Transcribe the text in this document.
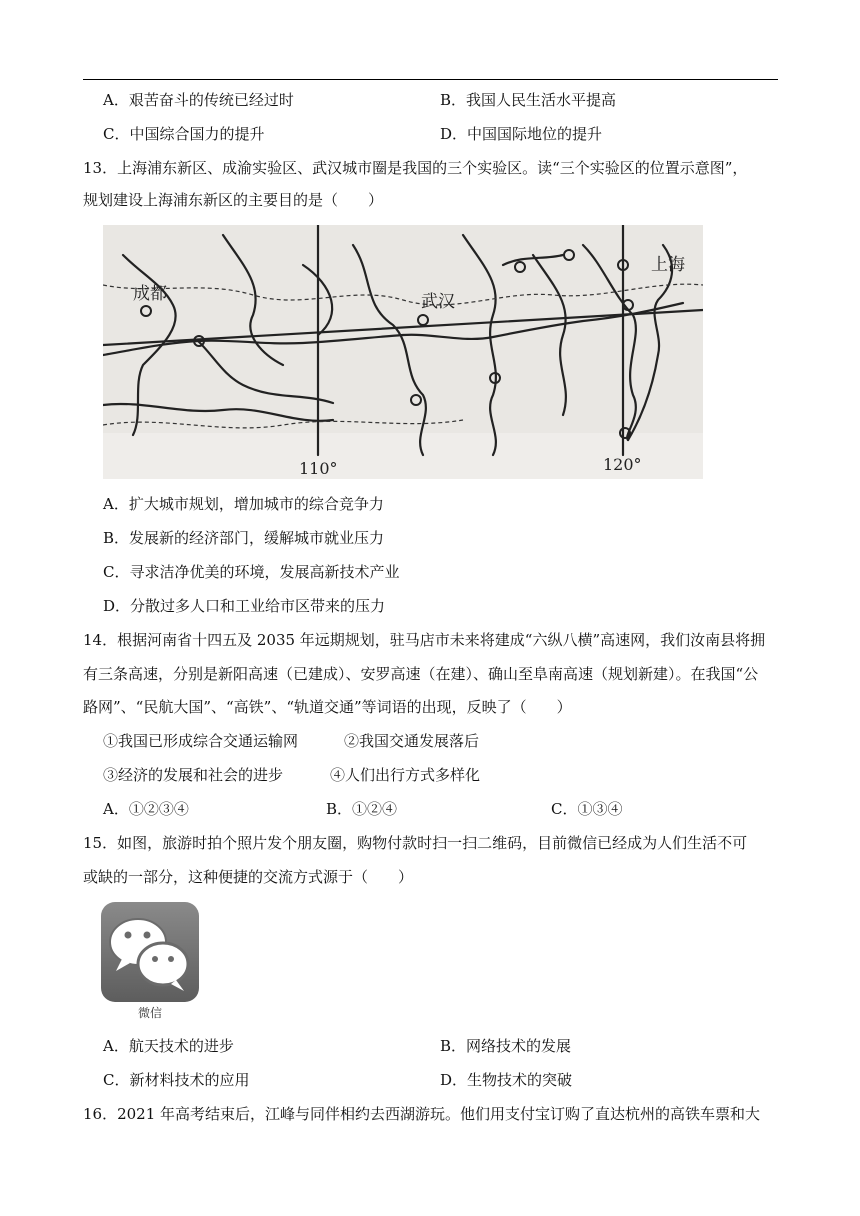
A．艰苦奋斗的传统已经过时	B．我国人民生活水平提高
C．中国综合国力的提升	D．中国国际地位的提升
13．上海浦东新区、成渝实验区、武汉城市圈是我国的三个实验区。读“三个实验区的位置示意图”，
规划建设上海浦东新区的主要目的是（　　）
成都	武汉
上海
110°	120°
A．扩大城市规划，增加城市的综合竞争力
B．发展新的经济部门，缓解城市就业压力
C．寻求洁净优美的环境，发展高新技术产业
D．分散过多人口和工业给市区带来的压力
14．根据河南省十四五及 2035 年远期规划，驻马店市未来将建成“六纵八横”高速网，我们汝南县将拥
有三条高速，分别是新阳高速（已建成）、安罗高速（在建）、确山至阜南高速（规划新建）。在我国“公
路网”、“民航大国”、“高铁”、“轨道交通”等词语的出现，反映了（　　）
①我国已形成综合交通运输网	②我国交通发展落后
③经济的发展和社会的进步	④人们出行方式多样化
A．①②③④	B．①②④	C．①③④
15．如图，旅游时拍个照片发个朋友圈，购物付款时扫一扫二维码，目前微信已经成为人们生活不可
或缺的一部分，这种便捷的交流方式源于（　　）
微信
A．航天技术的进步	B．网络技术的发展
C．新材料技术的应用	D．生物技术的突破
16．2021 年高考结束后，江峰与同伴相约去西湖游玩。他们用支付宝订购了直达杭州的高铁车票和大
